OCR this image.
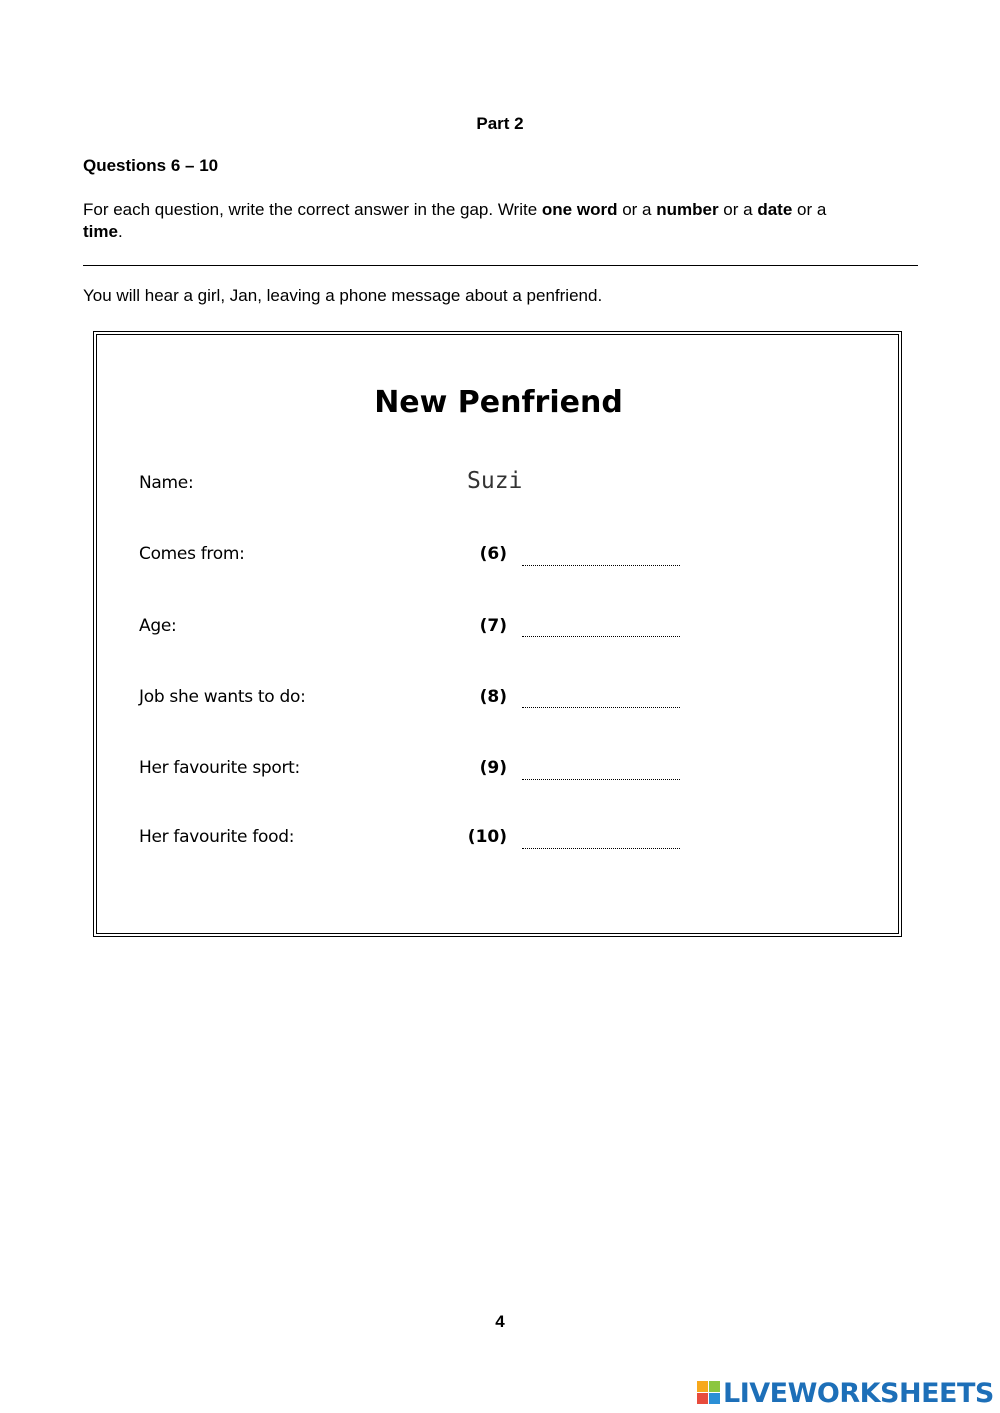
Part 2
Questions 6 – 10
For each question, write the correct answer in the gap. Write one word or a number or a date or a
time.
You will hear a girl, Jan, leaving a phone message about a penfriend.
New Penfriend
Name:	Suzi
Comes from:	(6)
Age:	(7)
Job she wants to do:	(8)
Her favourite sport:	(9)
Her favourite food:	(10)
4
LIVEWORKSHEETS
